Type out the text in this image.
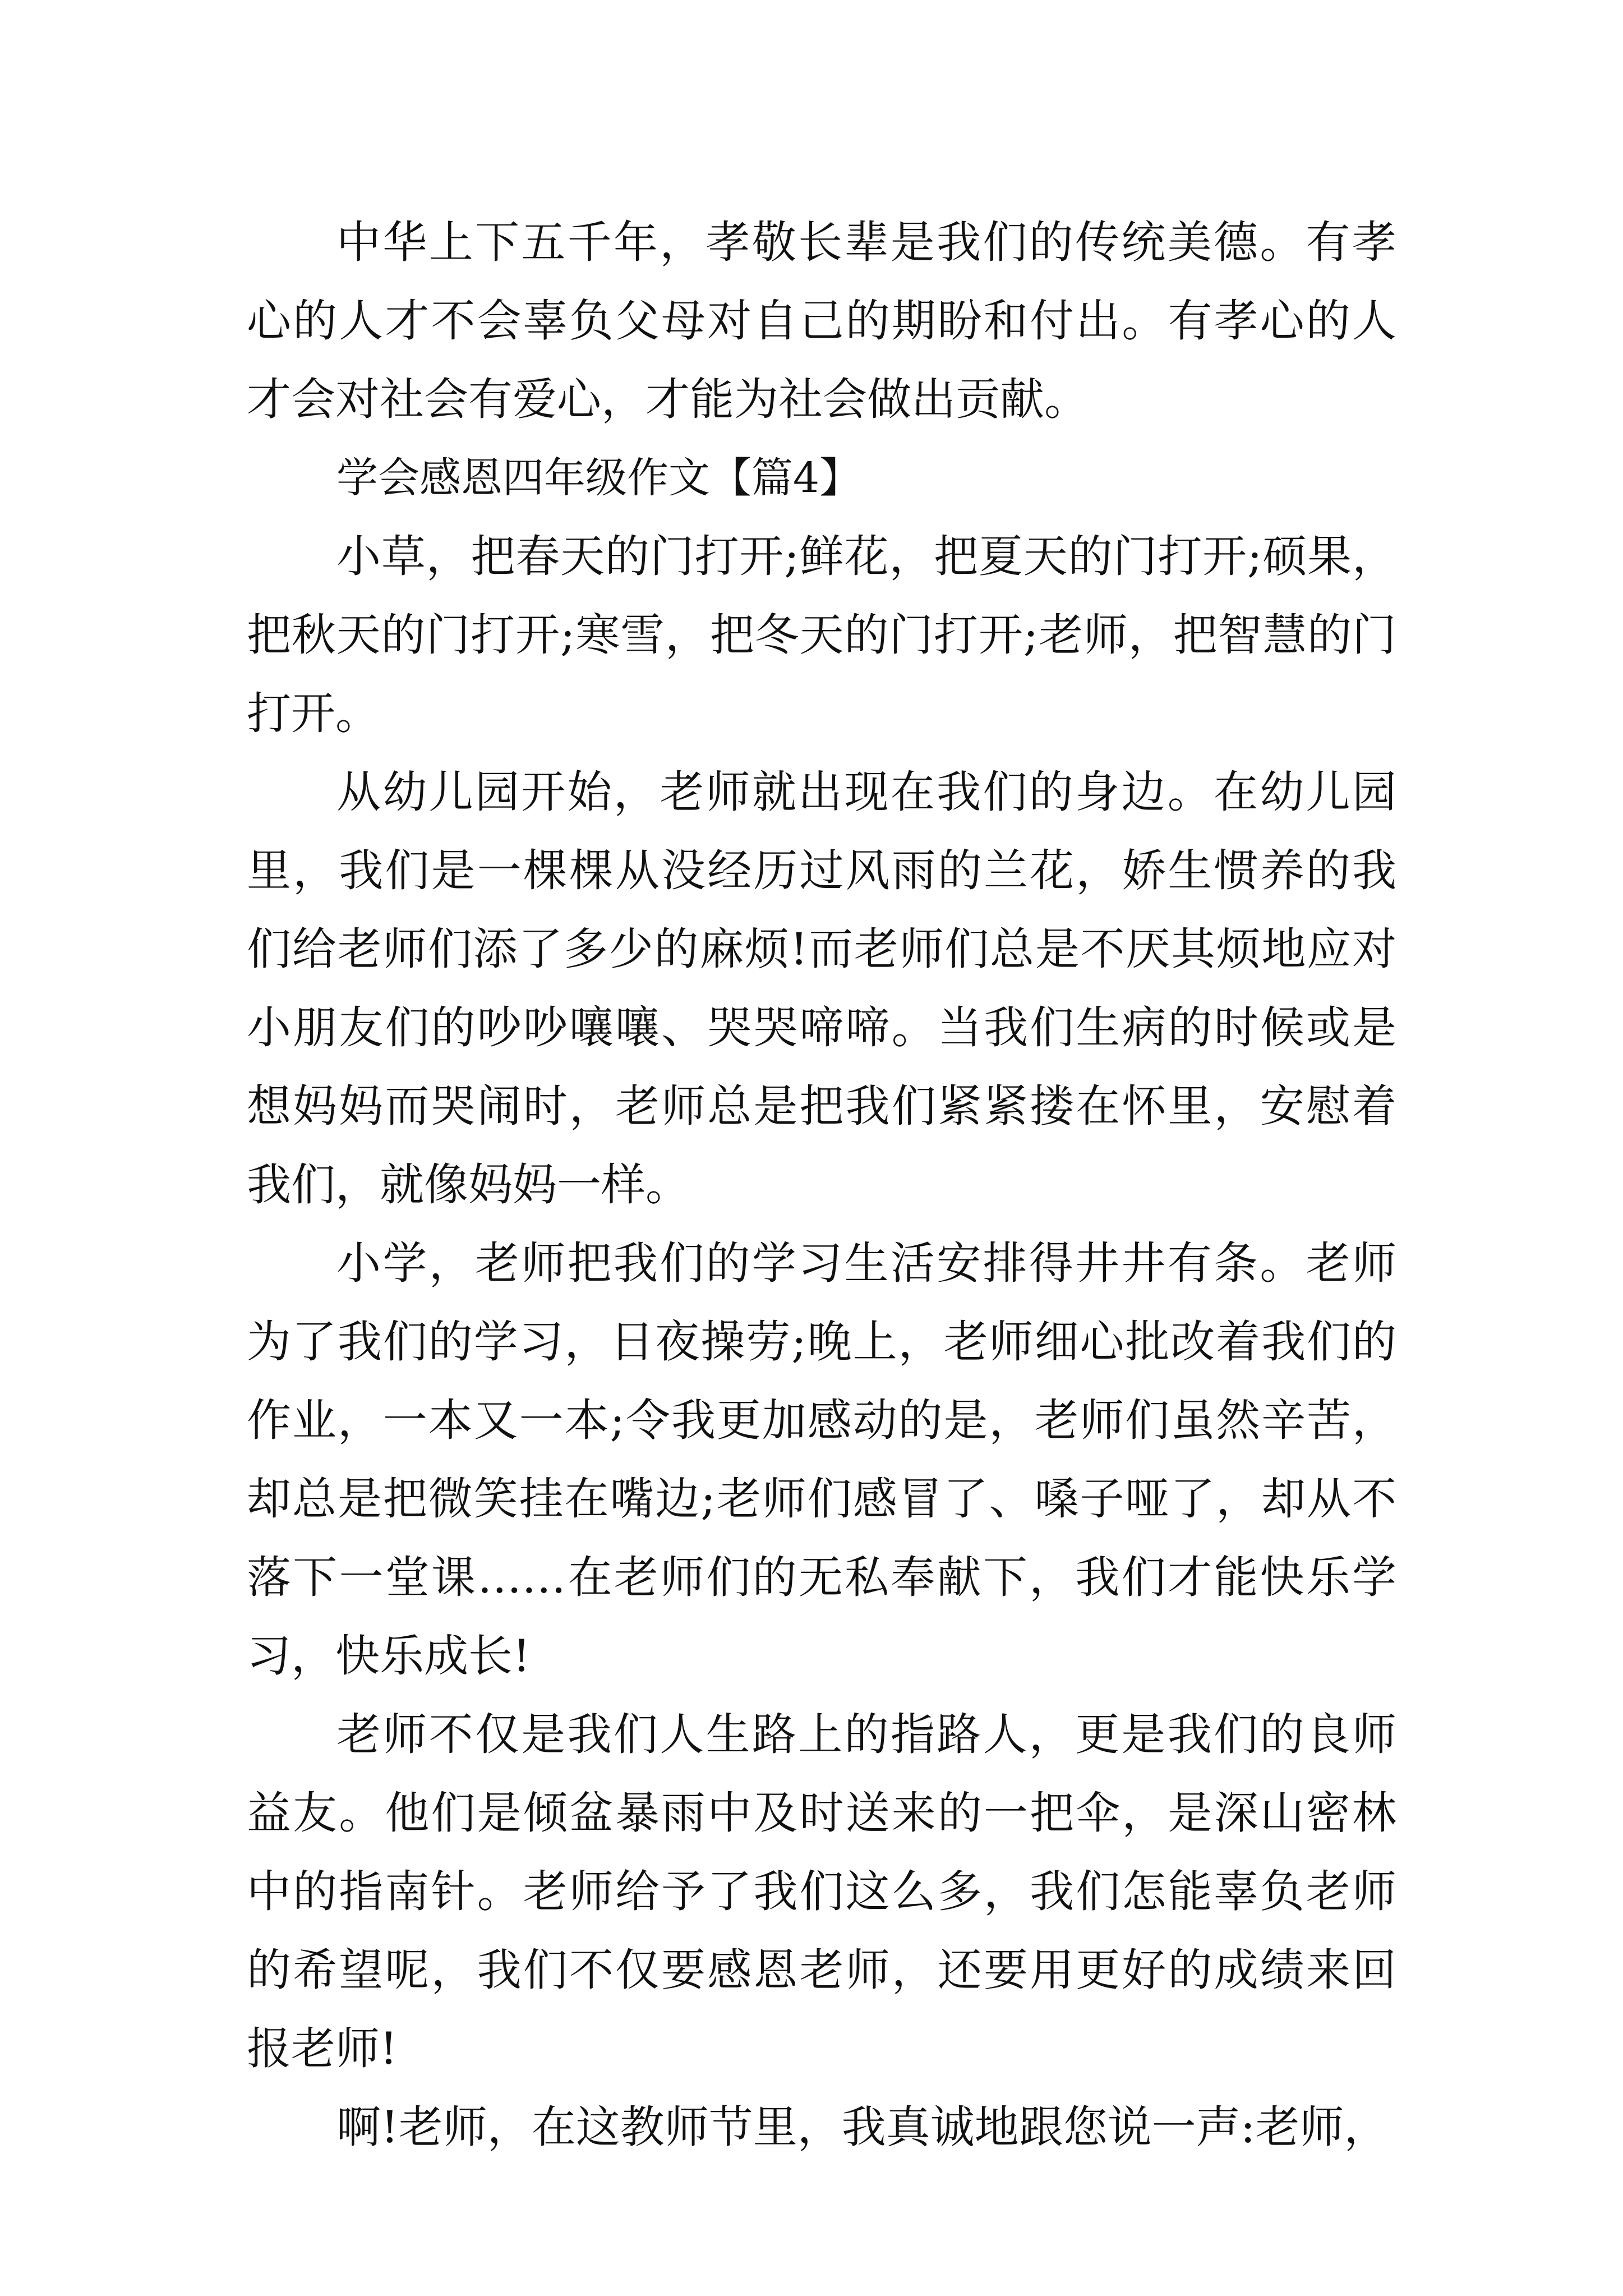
中华上下五千年，孝敬长辈是我们的传统美德。有孝心的人才不会辜负父母对自己的期盼和付出。有孝心的人才会对社会有爱心，才能为社会做出贡献。

学会感恩四年级作文【篇4】

小草，把春天的门打开;鲜花，把夏天的门打开;硕果，把秋天的门打开;寒雪，把冬天的门打开;老师，把智慧的门打开。

从幼儿园开始，老师就出现在我们的身边。在幼儿园里，我们是一棵棵从没经历过风雨的兰花，娇生惯养的我们给老师们添了多少的麻烦!而老师们总是不厌其烦地应对小朋友们的吵吵嚷嚷、哭哭啼啼。当我们生病的时候或是想妈妈而哭闹时，老师总是把我们紧紧搂在怀里，安慰着我们，就像妈妈一样。

小学，老师把我们的学习生活安排得井井有条。老师为了我们的学习，日夜操劳;晚上，老师细心批改着我们的作业，一本又一本;令我更加感动的是，老师们虽然辛苦，却总是把微笑挂在嘴边;老师们感冒了、嗓子哑了，却从不落下一堂课……在老师们的无私奉献下，我们才能快乐学习，快乐成长!

老师不仅是我们人生路上的指路人，更是我们的良师益友。他们是倾盆暴雨中及时送来的一把伞，是深山密林中的指南针。老师给予了我们这么多，我们怎能辜负老师的希望呢，我们不仅要感恩老师，还要用更好的成绩来回报老师!

啊!老师，在这教师节里，我真诚地跟您说一声:老师，
